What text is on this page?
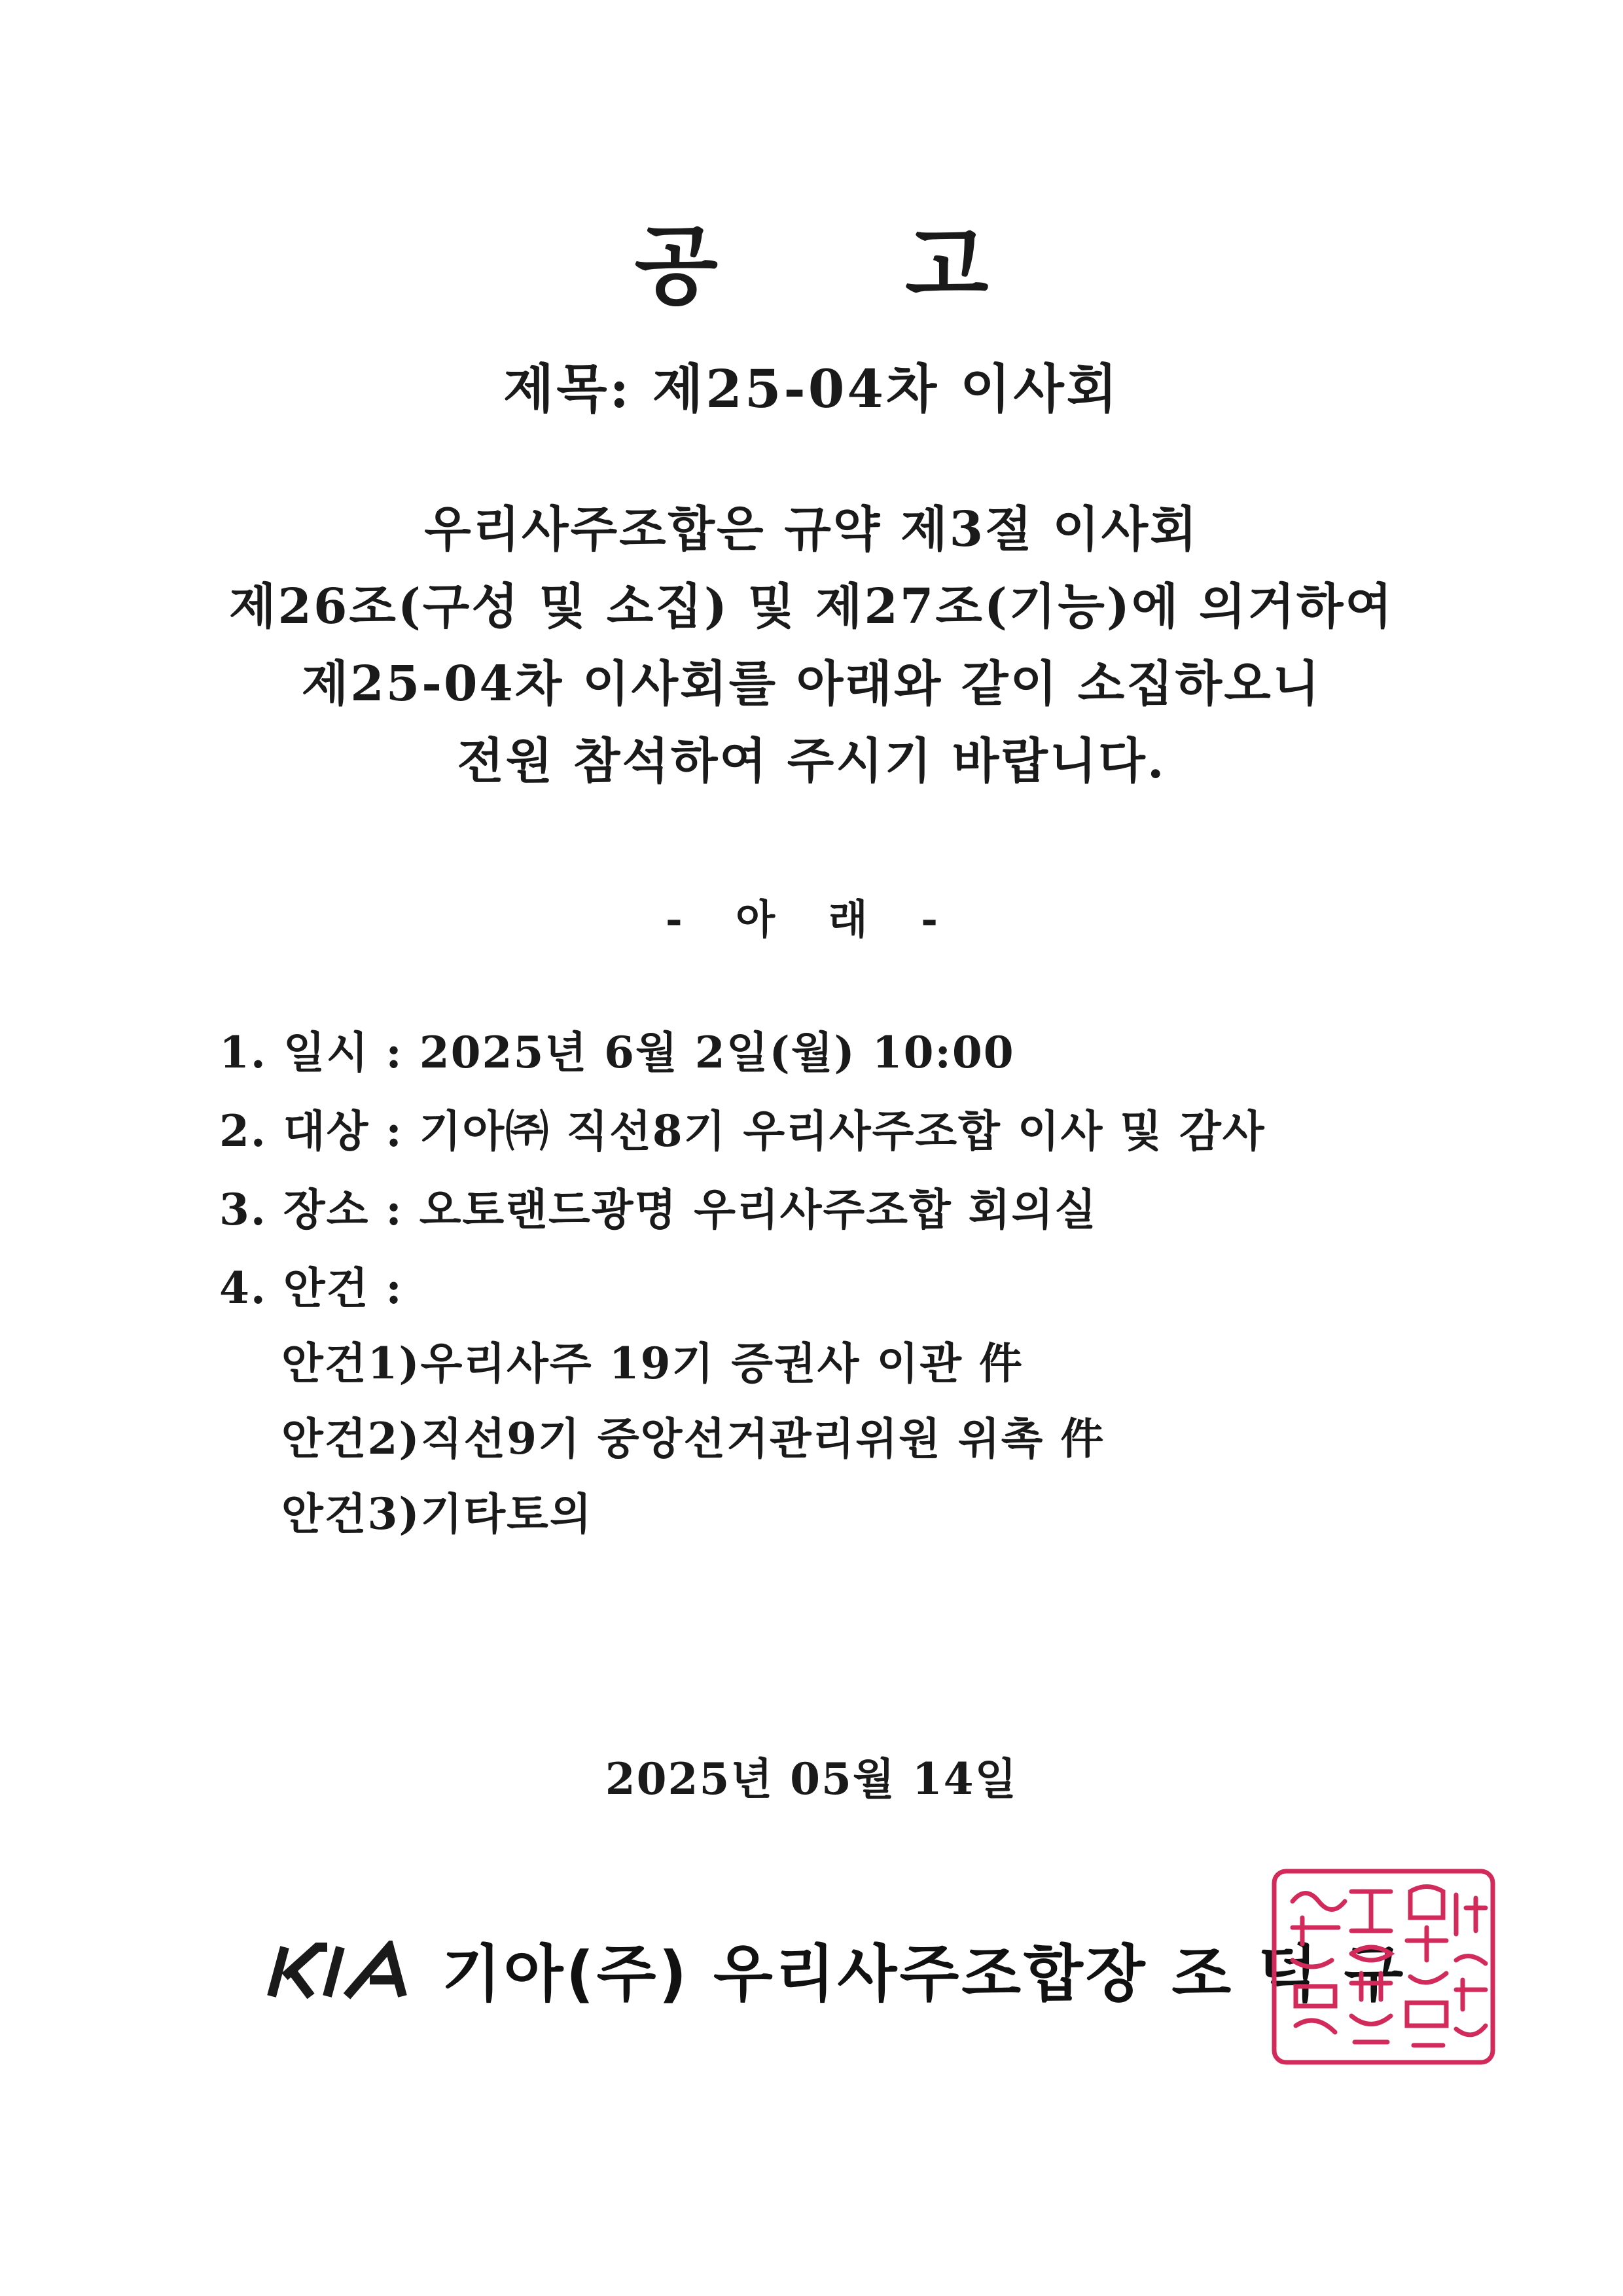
공 고
제목: 제25-04차 이사회
우리사주조합은 규약 제3절 이사회
제26조(구성 및 소집) 및 제27조(기능)에 의거하여
제25-04차 이사회를 아래와 같이 소집하오니
전원 참석하여 주시기 바랍니다.
- 아 래 -
1. 일시 : 2025년 6월 2일(월) 10:00
2. 대상 : 기아㈜ 직선8기 우리사주조합 이사 및 감사
3. 장소 : 오토랜드광명 우리사주조합 회의실
4. 안건 :
안건1)우리사주 19기 증권사 이관 件
안건2)직선9기 중앙선거관리위원 위촉 件
안건3)기타토의
2025년 05월 14일
기아(주) 우리사주조합장 조 덕 구
